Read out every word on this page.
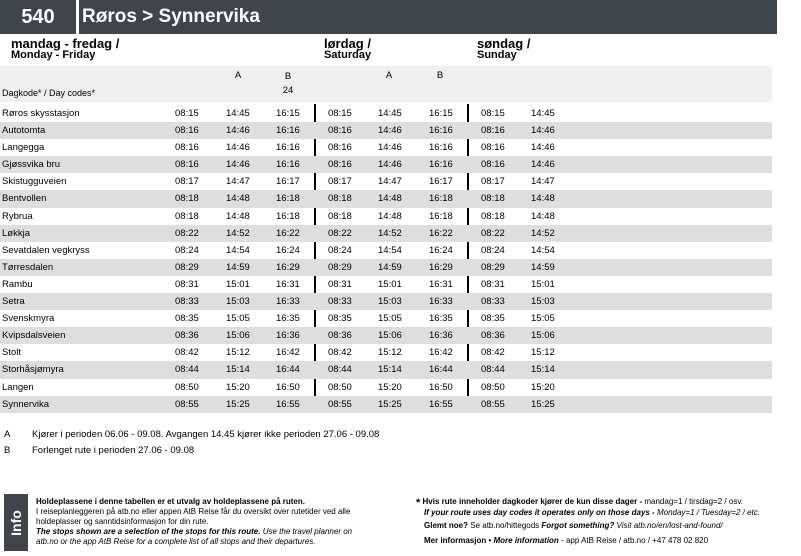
540	Røros > Synnervika
mandag - fredag /
Monday - Friday
lørdag /
Saturday
søndag /
Sunday
Dagkode* / Day codes*
A	B
24
A	B
Røros skysstasjon	08:15	14:45	16:15	08:15	14:45	16:15	08:15	14:45
Autotomta	08:16	14:46	16:16	08:16	14:46	16:16	08:16	14:46
Langegga	08:16	14:46	16:16	08:16	14:46	16:16	08:16	14:46
Gjøssvika bru	08:16	14:46	16:16	08:16	14:46	16:16	08:16	14:46
Skistugguveien	08:17	14:47	16:17	08:17	14:47	16:17	08:17	14:47
Bentvollen	08:18	14:48	16:18	08:18	14:48	16:18	08:18	14:48
Rybrua	08:18	14:48	16:18	08:18	14:48	16:18	08:18	14:48
Løkkja	08:22	14:52	16:22	08:22	14:52	16:22	08:22	14:52
Sevatdalen vegkryss	08:24	14:54	16:24	08:24	14:54	16:24	08:24	14:54
Tørresdalen	08:29	14:59	16:29	08:29	14:59	16:29	08:29	14:59
Rambu	08:31	15:01	16:31	08:31	15:01	16:31	08:31	15:01
Setra	08:33	15:03	16:33	08:33	15:03	16:33	08:33	15:03
Svenskmyra	08:35	15:05	16:35	08:35	15:05	16:35	08:35	15:05
Kvipsdalsveien	08:36	15:06	16:36	08:36	15:06	16:36	08:36	15:06
Stolt	08:42	15:12	16:42	08:42	15:12	16:42	08:42	15:12
Storhåsjømyra	08:44	15:14	16:44	08:44	15:14	16:44	08:44	15:14
Langen	08:50	15:20	16:50	08:50	15:20	16:50	08:50	15:20
Synnervika	08:55	15:25	16:55	08:55	15:25	16:55	08:55	15:25
A Kjører i perioden 06.06 - 09.08. Avgangen 14.45 kjører ikke perioden 27.06 - 09.08
B Forlenget rute i perioden 27.06 - 09.08
Info
Holdeplassene i denne tabellen er et utvalg av holdeplassene på ruten.
I reiseplanleggeren på atb.no eller appen AtB Reise får du oversikt over rutetider ved alle holdeplasser og sanntidsinformasjon for din rute.
The stops shown are a selection of the stops for this route. Use the travel planner on atb.no or the app AtB Reise for a complete list of all stops and their departures.
* Hvis rute inneholder dagkoder kjører de kun disse dager - mandag=1 / tirsdag=2 / osv.
If your route uses day codes it operates only on those days - Monday=1 / Tuesday=2 / etc.
Glemt noe? Se atb.no/hittegods Forgot something? Visit atb.no/en/lost-and-found/
Mer informasjon • More information - app AtB Reise / atb.no / +47 478 02 820
